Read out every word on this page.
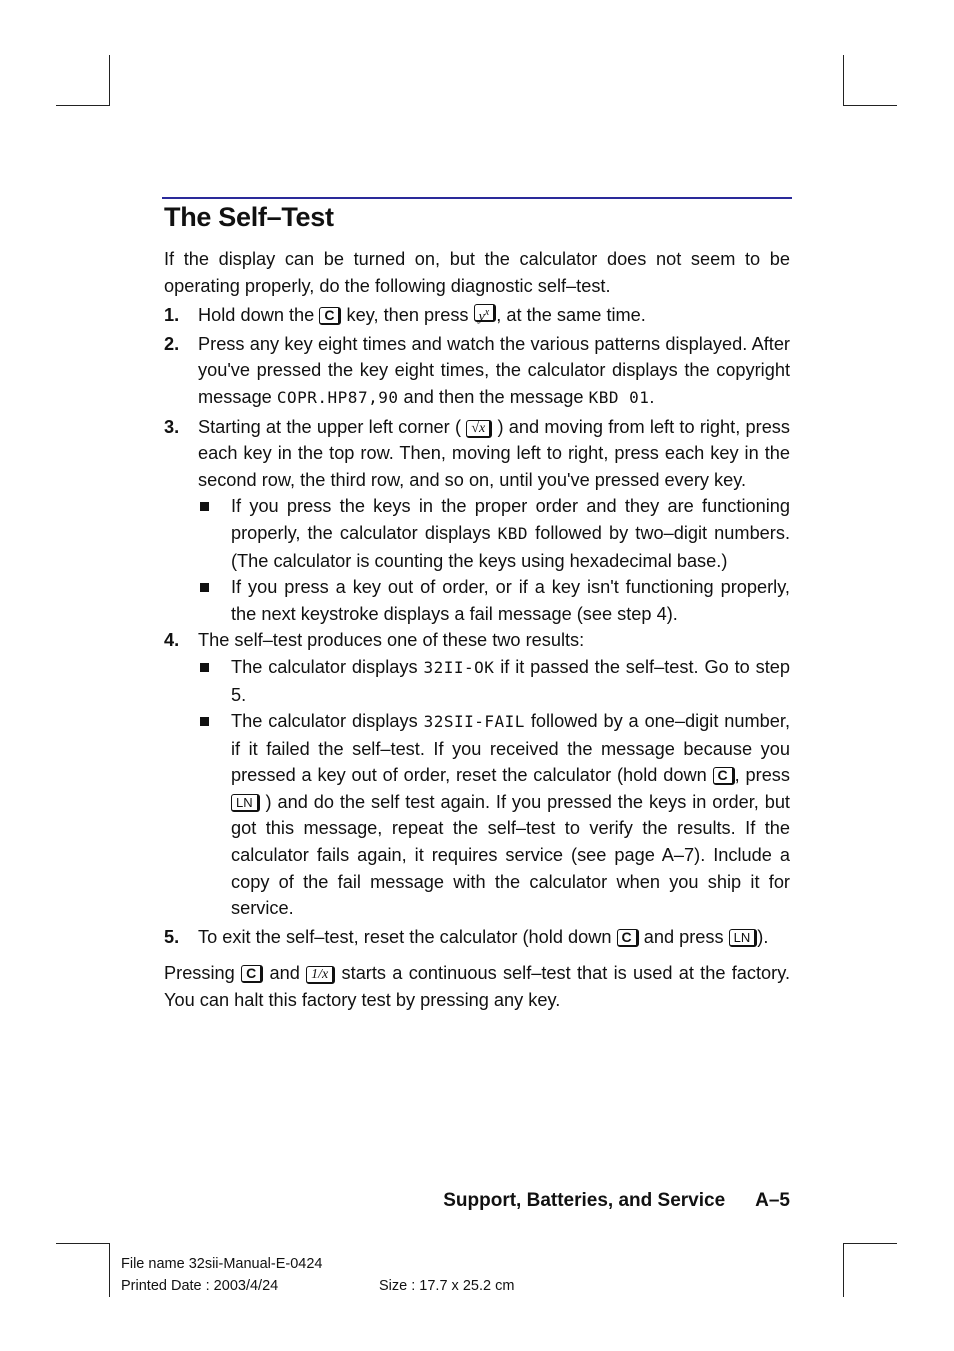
The Self–Test

If the display can be turned on, but the calculator does not seem to be operating properly, do the following diagnostic self–test.

1. Hold down the C key, then press $y^x$ , at the same time.
2. Press any key eight times and watch the various patterns displayed. After you've pressed the key eight times, the calculator displays the copyright message COPR.HP87,90 and then the message KBD 01.
3. Starting at the upper left corner ( √x ) and moving from left to right, press each key in the top row. Then, moving left to right, press each key in the second row, the third row, and so on, until you've pressed every key.
If you press the keys in the proper order and they are functioning properly, the calculator displays KBD followed by two–digit numbers. (The calculator is counting the keys using hexadecimal base.)
If you press a key out of order, or if a key isn't functioning properly, the next keystroke displays a fail message (see step 4).
4. The self–test produces one of these two results:
The calculator displays 32II-OK if it passed the self–test. Go to step 5.
The calculator displays 32SII-FAIL followed by a one–digit number, if it failed the self–test. If you received the message because you pressed a key out of order, reset the calculator (hold down C , press LN ) and do the self test again. If you pressed the keys in order, but got this message, repeat the self–test to verify the results. If the calculator fails again, it requires service (see page A–7). Include a copy of the fail message with the calculator when you ship it for service.
5. To exit the self–test, reset the calculator (hold down C and press LN ).

Pressing C and 1/x starts a continuous self–test that is used at the factory. You can halt this factory test by pressing any key.

Support, Batteries, and Service A–5
File name 32sii-Manual-E-0424
Printed Date : 2003/4/24	Size : 17.7 x 25.2 cm
